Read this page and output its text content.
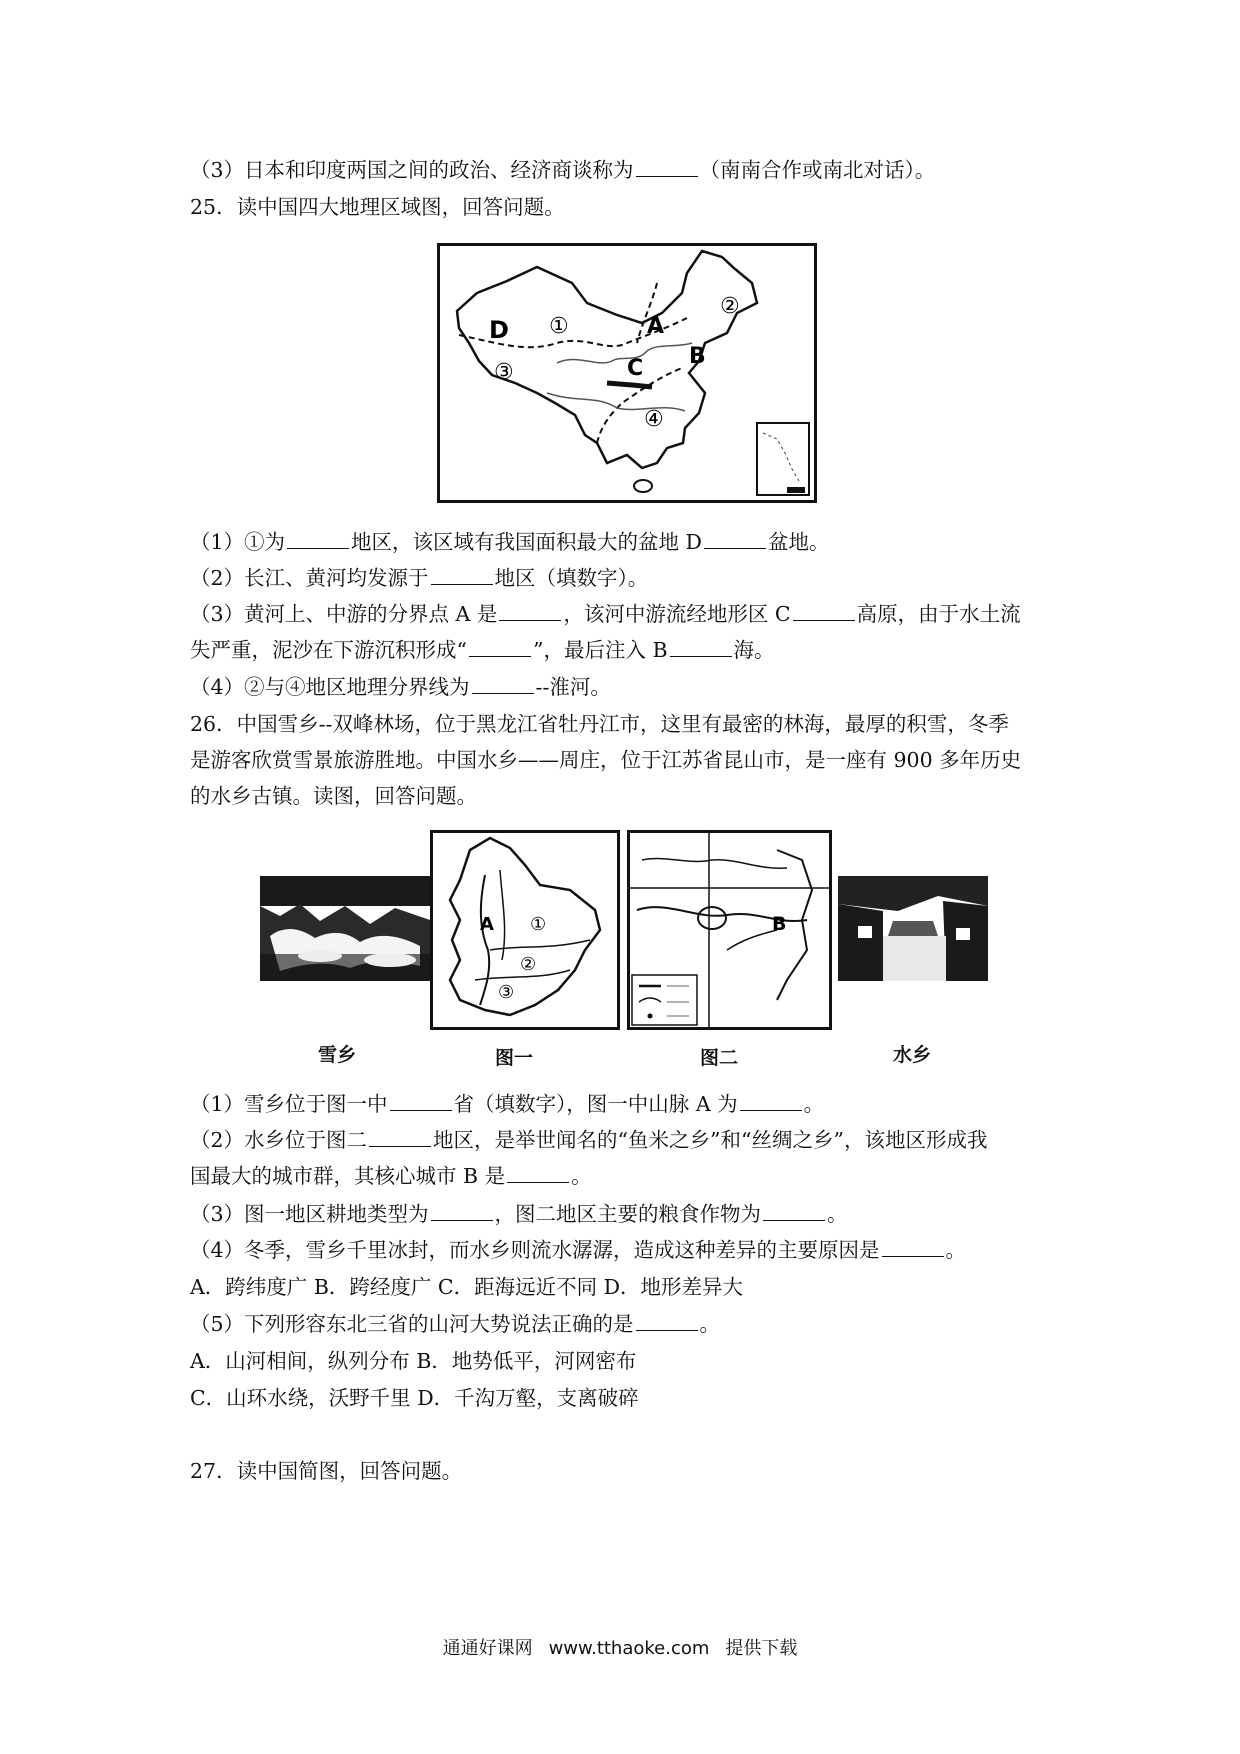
（3）日本和印度两国之间的政治、经济商谈称为	（南南合作或南北对话）。
25．读中国四大地理区域图，回答问题。
D ①
②
③
④
A
B
C
（1）①为	地区，该区域有我国面积最大的盆地 D	盆地。
（2）长江、黄河均发源于	地区（填数字）。
（3）黄河上、中游的分界点 A 是	，该河中游流经地形区 C	高原，由于水土流
失严重，泥沙在下游沉积形成“	”，最后注入 B	海。
（4）②与④地区地理分界线为	--淮河。
26．中国雪乡--双峰林场，位于黑龙江省牡丹江市，这里有最密的林海，最厚的积雪，冬季
是游客欣赏雪景旅游胜地。中国水乡——周庄，位于江苏省昆山市，是一座有 900 多年历史
的水乡古镇。读图，回答问题。
A ①
②
③
B
雪乡	图一	图二	水乡
（1）雪乡位于图一中	省（填数字），图一中山脉 A 为	。
（2）水乡位于图二	地区，是举世闻名的“鱼米之乡”和“丝绸之乡”，该地区形成我
国最大的城市群，其核心城市 B 是	。
（3）图一地区耕地类型为	，图二地区主要的粮食作物为	。
（4）冬季，雪乡千里冰封，而水乡则流水潺潺，造成这种差异的主要原因是	。
A．跨纬度广 B．跨经度广 C．距海远近不同 D．地形差异大
（5）下列形容东北三省的山河大势说法正确的是	。
A．山河相间，纵列分布 B．地势低平，河网密布
C．山环水绕，沃野千里 D．千沟万壑，支离破碎
27．读中国简图，回答问题。
通通好课网 www.tthaoke.com 提供下载
